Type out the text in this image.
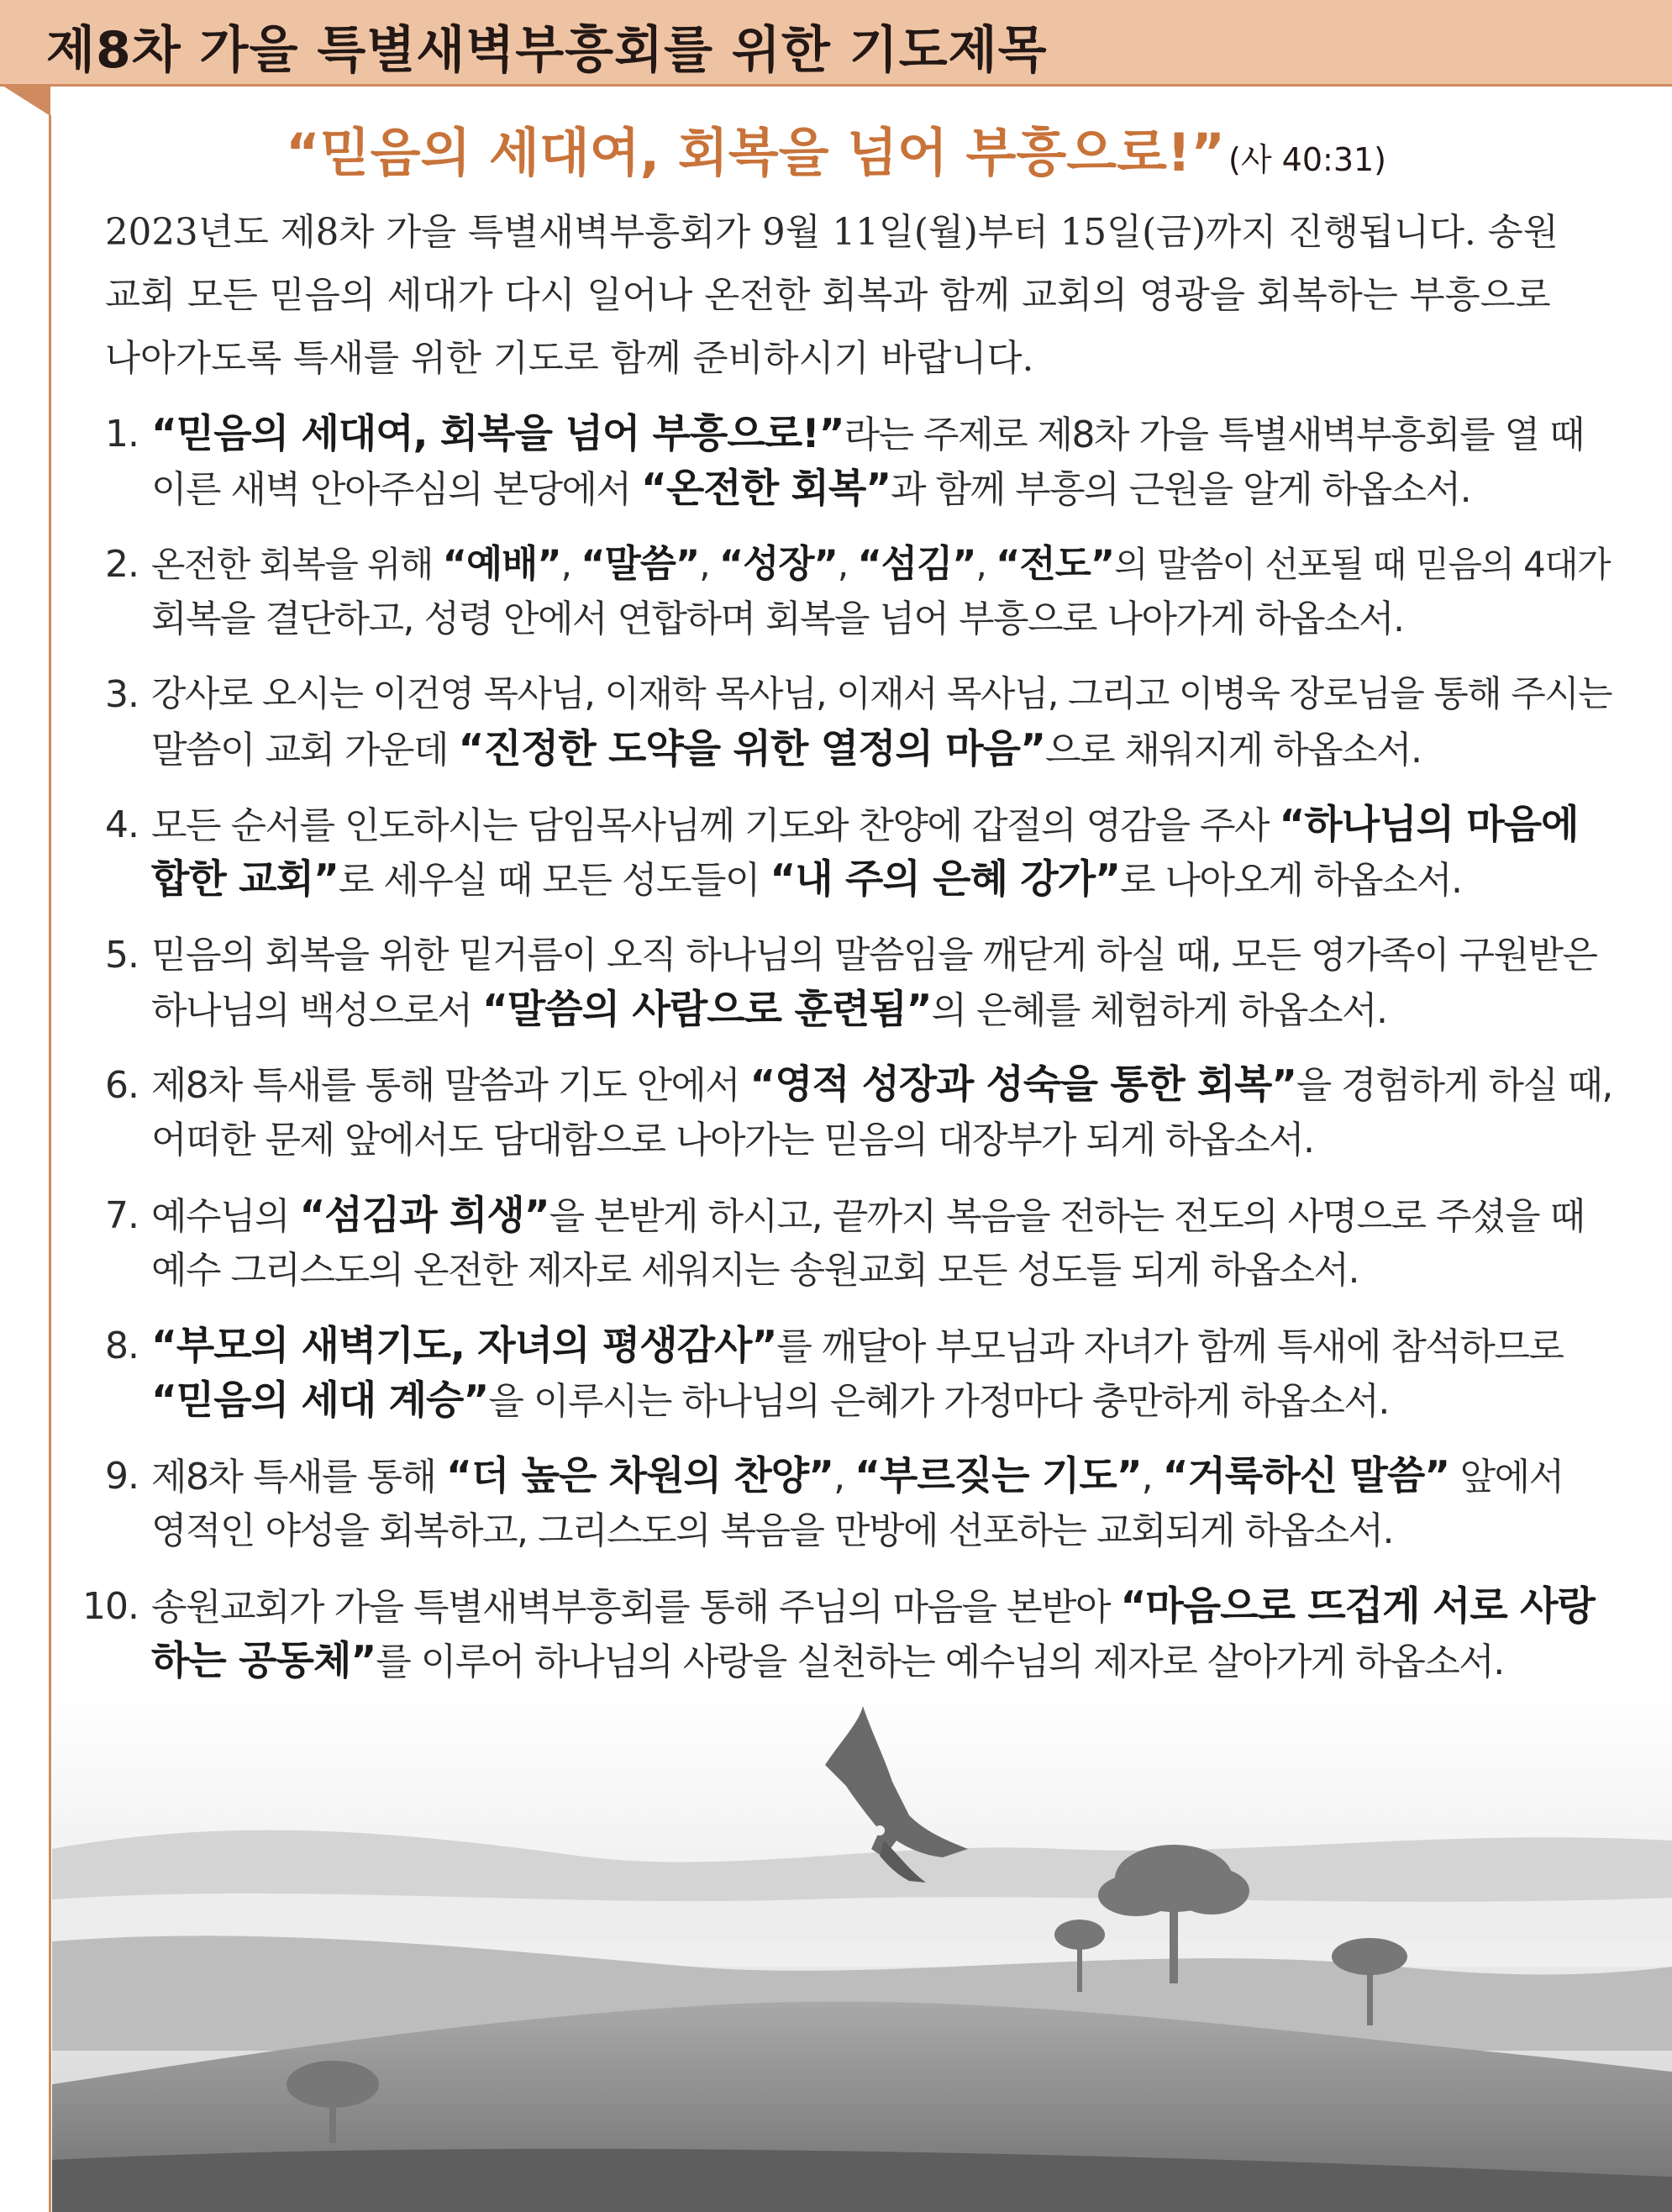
제8차 가을 특별새벽부흥회를 위한 기도제목
“믿음의 세대여, 회복을 넘어 부흥으로!” (사 40:31)
2023년도 제8차 가을 특별새벽부흥회가 9월 11일(월)부터 15일(금)까지 진행됩니다. 송원
교회 모든 믿음의 세대가 다시 일어나 온전한 회복과 함께 교회의 영광을 회복하는 부흥으로
나아가도록 특새를 위한 기도로 함께 준비하시기 바랍니다.
1. “믿음의 세대여, 회복을 넘어 부흥으로!”라는 주제로 제8차 가을 특별새벽부흥회를 열 때
이른 새벽 안아주심의 본당에서 “온전한 회복”과 함께 부흥의 근원을 알게 하옵소서.
2. 온전한 회복을 위해 “예배”, “말씀”, “성장”, “섬김”, “전도”의 말씀이 선포될 때 믿음의 4대가
회복을 결단하고, 성령 안에서 연합하며 회복을 넘어 부흥으로 나아가게 하옵소서.
3. 강사로 오시는 이건영 목사님, 이재학 목사님, 이재서 목사님, 그리고 이병욱 장로님을 통해 주시는
말씀이 교회 가운데 “진정한 도약을 위한 열정의 마음”으로 채워지게 하옵소서.
4. 모든 순서를 인도하시는 담임목사님께 기도와 찬양에 갑절의 영감을 주사 “하나님의 마음에
합한 교회”로 세우실 때 모든 성도들이 “내 주의 은혜 강가”로 나아오게 하옵소서.
5. 믿음의 회복을 위한 밑거름이 오직 하나님의 말씀임을 깨닫게 하실 때, 모든 영가족이 구원받은
하나님의 백성으로서 “말씀의 사람으로 훈련됨”의 은혜를 체험하게 하옵소서.
6. 제8차 특새를 통해 말씀과 기도 안에서 “영적 성장과 성숙을 통한 회복”을 경험하게 하실 때,
어떠한 문제 앞에서도 담대함으로 나아가는 믿음의 대장부가 되게 하옵소서.
7. 예수님의 “섬김과 희생”을 본받게 하시고, 끝까지 복음을 전하는 전도의 사명으로 주셨을 때
예수 그리스도의 온전한 제자로 세워지는 송원교회 모든 성도들 되게 하옵소서.
8. “부모의 새벽기도, 자녀의 평생감사”를 깨달아 부모님과 자녀가 함께 특새에 참석하므로
“믿음의 세대 계승”을 이루시는 하나님의 은혜가 가정마다 충만하게 하옵소서.
9. 제8차 특새를 통해 “더 높은 차원의 찬양”, “부르짖는 기도”, “거룩하신 말씀” 앞에서
영적인 야성을 회복하고, 그리스도의 복음을 만방에 선포하는 교회되게 하옵소서.
10. 송원교회가 가을 특별새벽부흥회를 통해 주님의 마음을 본받아 “마음으로 뜨겁게 서로 사랑
하는 공동체”를 이루어 하나님의 사랑을 실천하는 예수님의 제자로 살아가게 하옵소서.
